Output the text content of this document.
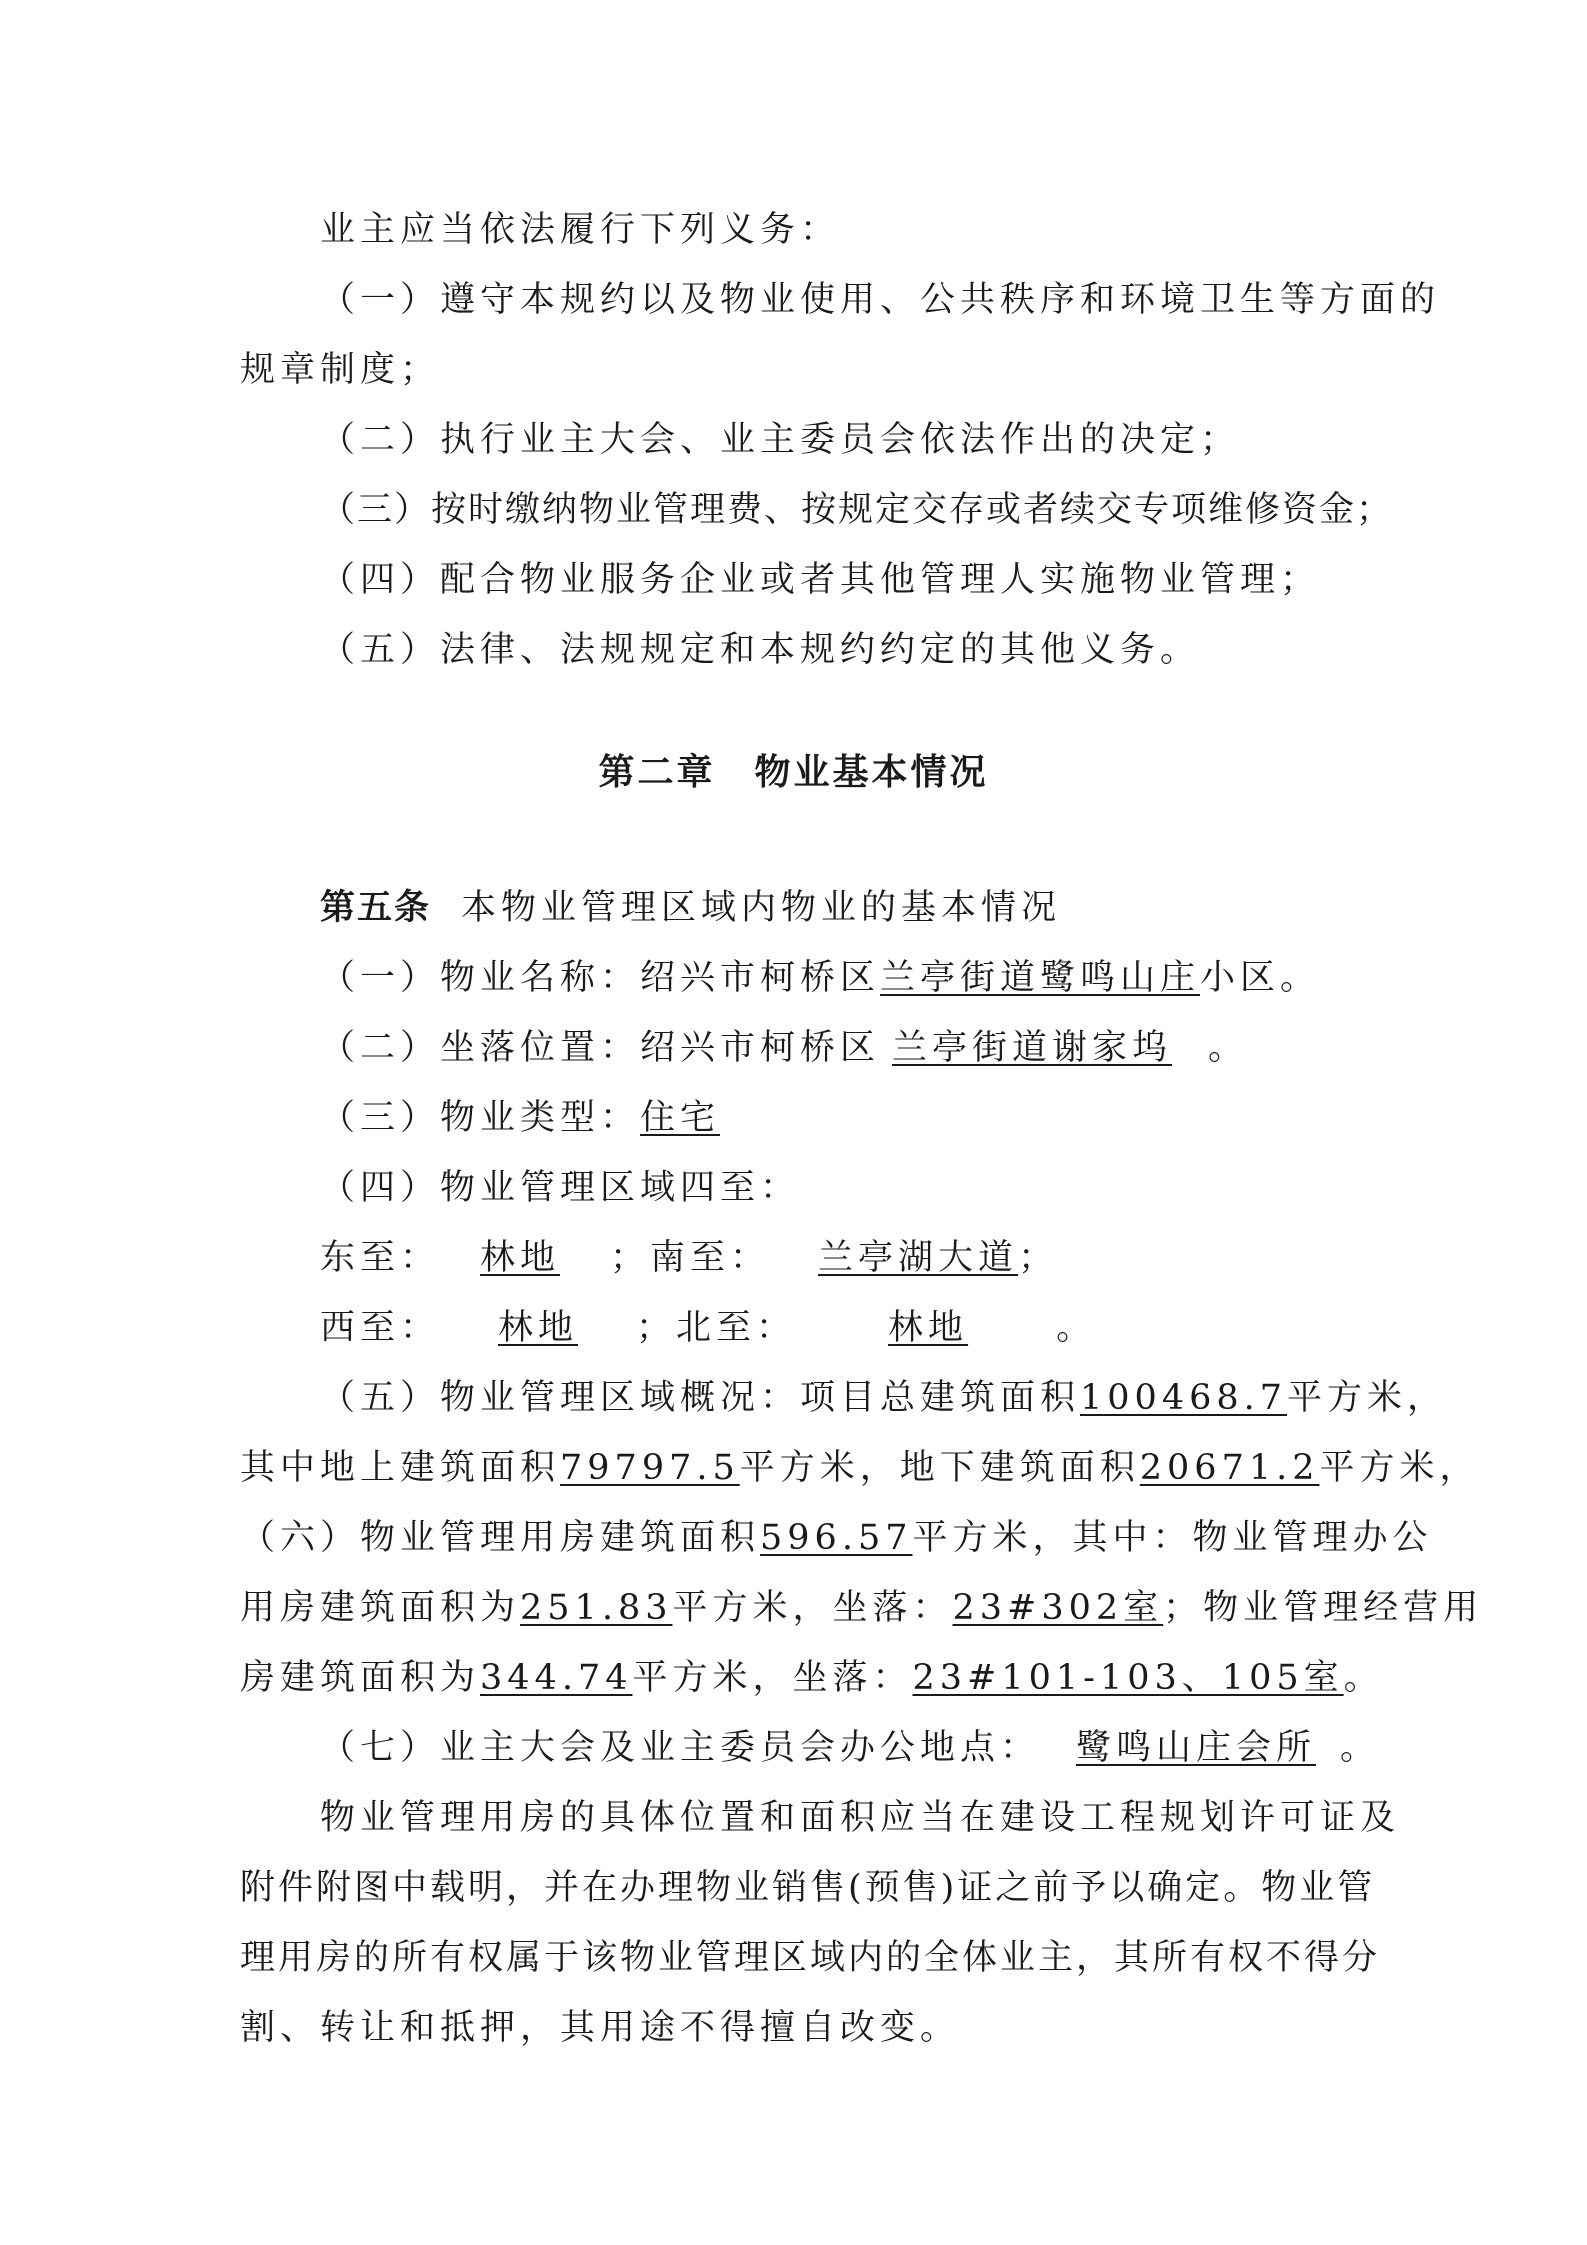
业主应当依法履行下列义务：
（一）遵守本规约以及物业使用、公共秩序和环境卫生等方面的
规章制度；
（二）执行业主大会、业主委员会依法作出的决定；
（三）按时缴纳物业管理费、按规定交存或者续交专项维修资金；
（四）配合物业服务企业或者其他管理人实施物业管理；
（五）法律、法规规定和本规约约定的其他义务。
第二章　物业基本情况
第五条 本物业管理区域内物业的基本情况
（一）物业名称：绍兴市柯桥区兰亭街道鹭鸣山庄小区。
（二）坐落位置：绍兴市柯桥区 兰亭街道谢家坞 。
（三）物业类型：住宅
（四）物业管理区域四至：
东至： 林地 ；南至： 兰亭湖大道；
西至： 林地 ；北至：	林地	。
（五）物业管理区域概况：项目总建筑面积100468.7平方米，
其中地上建筑面积79797.5平方米，地下建筑面积20671.2平方米，
（六）物业管理用房建筑面积596.57平方米，其中：物业管理办公
用房建筑面积为251.83平方米，坐落：23#302室；物业管理经营用
房建筑面积为344.74平方米，坐落：23#101-103、105室。
（七）业主大会及业主委员会办公地点： 鹭鸣山庄会所 。
物业管理用房的具体位置和面积应当在建设工程规划许可证及
附件附图中载明，并在办理物业销售(预售)证之前予以确定。物业管
理用房的所有权属于该物业管理区域内的全体业主，其所有权不得分
割、转让和抵押，其用途不得擅自改变。
